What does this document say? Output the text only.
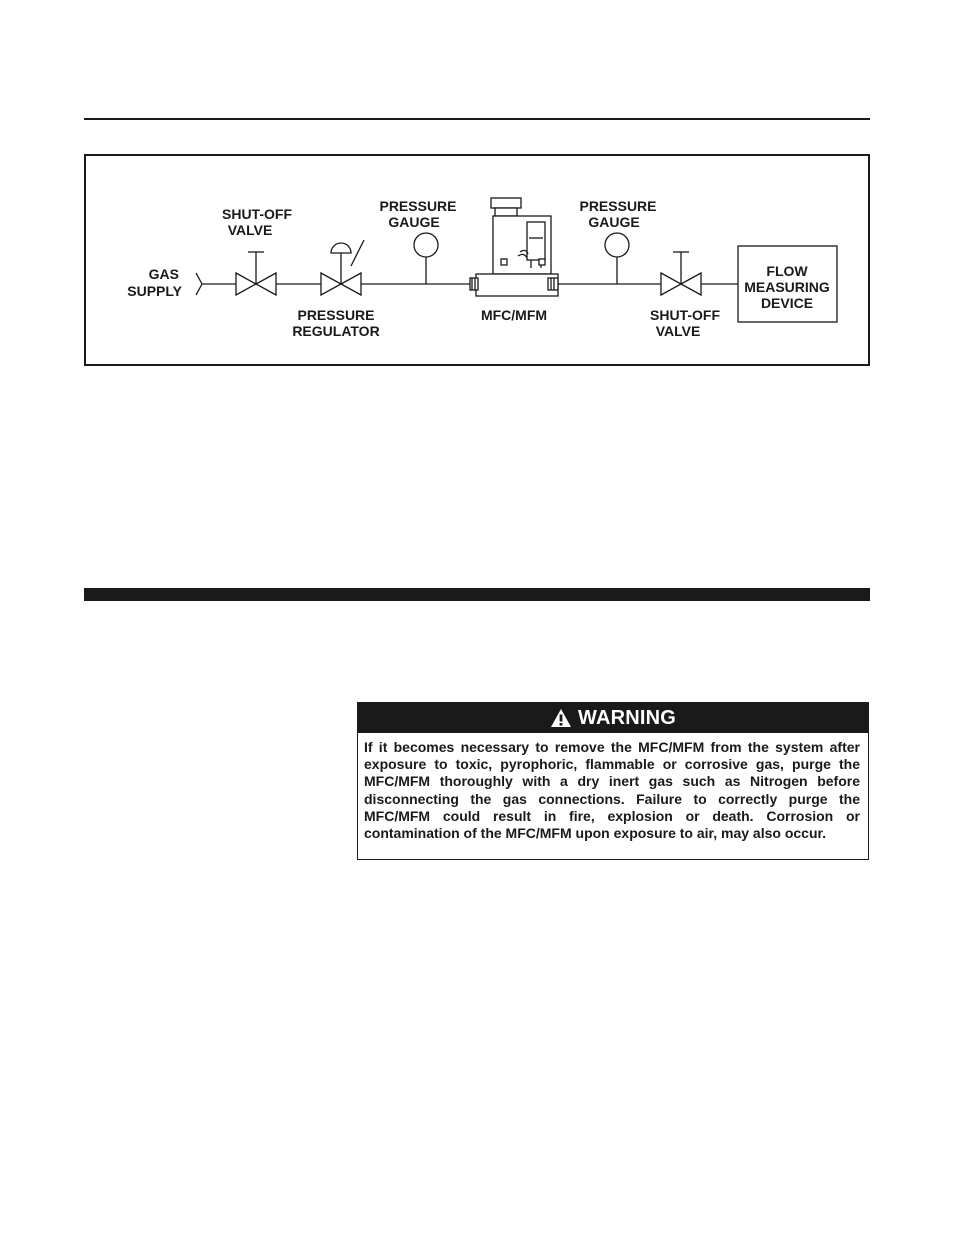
GAS
SUPPLY
SHUT-OFF
VALVE
PRESSURE
REGULATOR
PRESSURE
GAUGE
MFC/MFM
PRESSURE
GAUGE
SHUT-OFF
VALVE
FLOW
MEASURING
DEVICE
WARNING
If it becomes necessary to remove the MFC/MFM from the system after exposure to toxic, pyrophoric, flammable or corrosive gas, purge the MFC/MFM thoroughly with a dry inert gas such as Nitrogen before disconnecting the gas connections. Failure to correctly purge the MFC/MFM could result in fire, explosion or death. Corrosion or contamination of the MFC/MFM upon exposure to air, may also occur.
